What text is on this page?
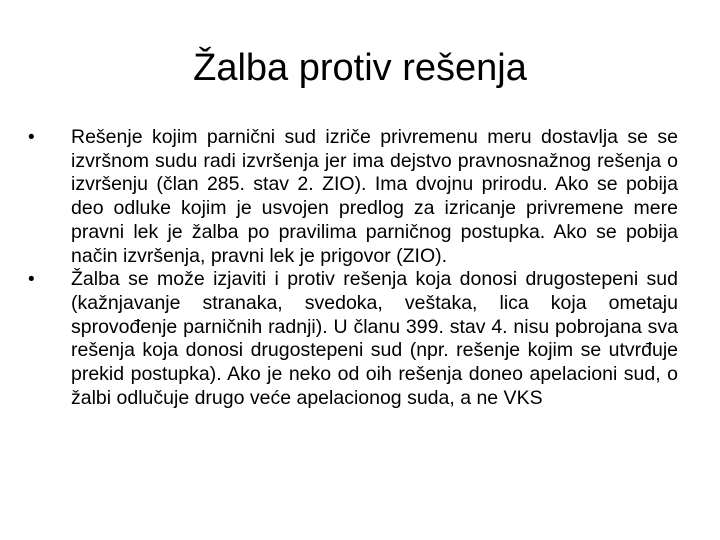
Žalba protiv rešenja
•	Rešenje kojim parnični sud izriče privremenu meru dostavlja se se izvršnom sudu radi izvršenja jer ima dejstvo pravnosnažnog rešenja o izvršenju (član 285. stav 2. ZIO). Ima dvojnu prirodu. Ako se pobija deo odluke kojim je usvojen predlog za izricanje privremene mere pravni lek je žalba po pravilima parničnog postupka. Ako se pobija način izvršenja, pravni lek je prigovor (ZIO).
•	Žalba se može izjaviti i protiv rešenja koja donosi drugostepeni sud (kažnjavanje stranaka, svedoka, veštaka, lica koja ometaju sprovođenje parničnih radnji). U članu 399. stav 4. nisu pobrojana sva rešenja koja donosi drugostepeni sud (npr. rešenje kojim se utvrđuje prekid postupka). Ako je neko od oih rešenja doneo apelacioni sud, o žalbi odlučuje drugo veće apelacionog suda, a ne VKS
